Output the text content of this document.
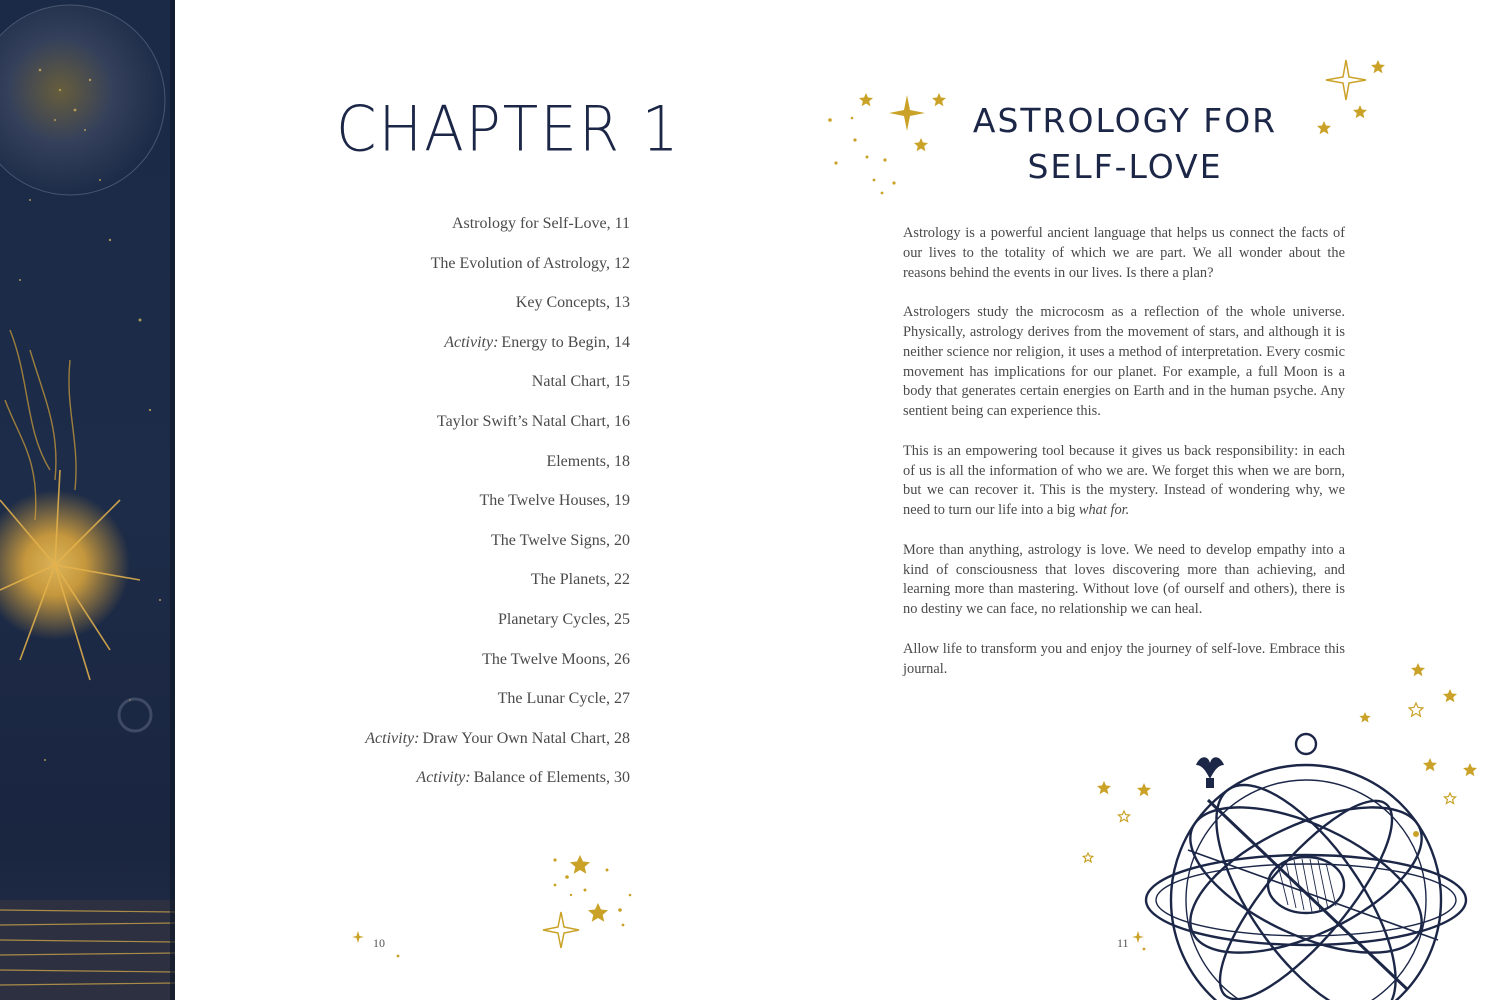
CHAPTER 1
Astrology for Self-Love, 11
The Evolution of Astrology, 12
Key Concepts, 13
Activity: Energy to Begin, 14
Natal Chart, 15
Taylor Swift’s Natal Chart, 16
Elements, 18
The Twelve Houses, 19
The Twelve Signs, 20
The Planets, 22
Planetary Cycles, 25
The Twelve Moons, 26
The Lunar Cycle, 27
Activity: Draw Your Own Natal Chart, 28
Activity: Balance of Elements, 30
10
ASTROLOGY FOR
SELF-LOVE

Astrology is a powerful ancient language that helps us connect the facts of our lives to the totality of which we are part. We all wonder about the reasons behind the events in our lives. Is there a plan?

Astrologers study the microcosm as a reflection of the whole universe. Physically, astrology derives from the movement of stars, and although it is neither science nor religion, it uses a method of interpretation. Every cosmic movement has implications for our planet. For example, a full Moon is a body that generates certain energies on Earth and in the human psyche. Any sentient being can experience this.

This is an empowering tool because it gives us back responsibility: in each of us is all the information of who we are. We forget this when we are born, but we can recover it. This is the mystery. Instead of wondering why, we need to turn our life into a big what for.

More than anything, astrology is love. We need to develop empathy into a kind of consciousness that loves discovering more than achieving, and learning more than mastering. Without love (of ourself and others), there is no destiny we can face, no relationship we can heal.

Allow life to transform you and enjoy the journey of self-love. Embrace this journal.

11
